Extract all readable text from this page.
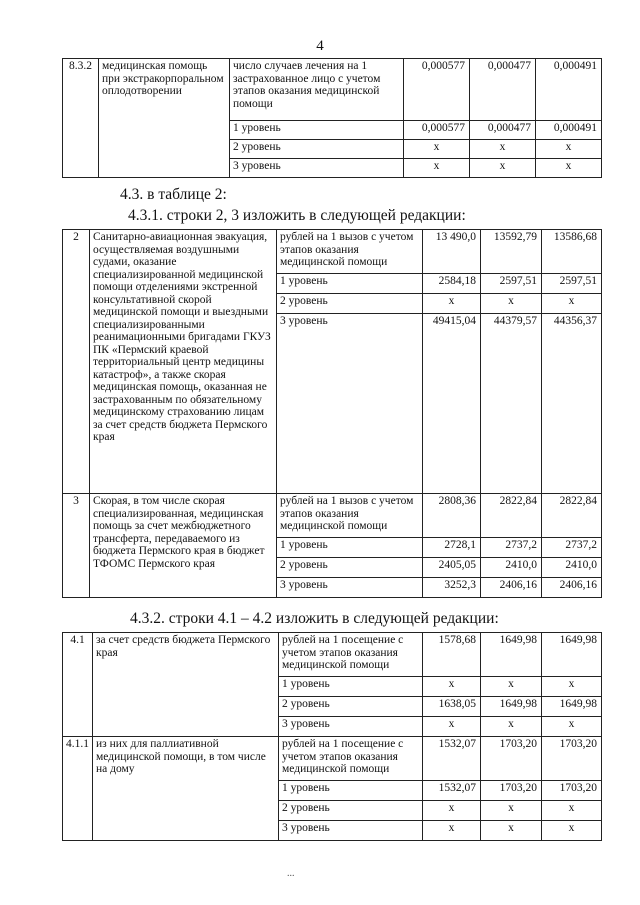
4
8.3.2	медицинская помощь при экстракорпоральном оплодотворении	число случаев лечения на 1 застрахованное лицо с учетом этапов оказания медицинской помощи	0,000577	0,000477	0,000491
		1 уровень	0,000577	0,000477	0,000491
		2 уровень	x	x	x
		3 уровень	x	x	x
4.3. в таблице 2:
4.3.1. строки 2, 3 изложить в следующей редакции:
2	Санитарно-авиационная эвакуация, осуществляемая воздушными судами, оказание специализированной медицинской помощи отделениями экстренной консультативной скорой медицинской помощи и выездными специализированными реанимационными бригадами ГКУЗ ПК «Пермский краевой территориальный центр медицины катастроф», а также скорая медицинская помощь, оказанная не застрахованным по обязательному медицинскому страхованию лицам за счет средств бюджета Пермского края	рублей на 1 вызов с учетом этапов оказания медицинской помощи	13 490,0	13592,79	13586,68
		1 уровень	2584,18	2597,51	2597,51
		2 уровень	x	x	x
		3 уровень	49415,04	44379,57	44356,37
3	Скорая, в том числе скорая специализированная, медицинская помощь за счет межбюджетного трансферта, передаваемого из бюджета Пермского края в бюджет ТФОМС Пермского края	рублей на 1 вызов с учетом этапов оказания медицинской помощи	2808,36	2822,84	2822,84
		1 уровень	2728,1	2737,2	2737,2
		2 уровень	2405,05	2410,0	2410,0
		3 уровень	3252,3	2406,16	2406,16
4.3.2. строки 4.1 – 4.2 изложить в следующей редакции:
4.1	за счет средств бюджета Пермского края	рублей на 1 посещение с учетом этапов оказания медицинской помощи	1578,68	1649,98	1649,98
		1 уровень	x	x	x
		2 уровень	1638,05	1649,98	1649,98
		3 уровень	x	x	x
4.1.1	из них для паллиативной медицинской помощи, в том числе на дому	рублей на 1 посещение с учетом этапов оказания медицинской помощи	1532,07	1703,20	1703,20
		1 уровень	1532,07	1703,20	1703,20
		2 уровень	x	x	x
		3 уровень	x	x	x
...
